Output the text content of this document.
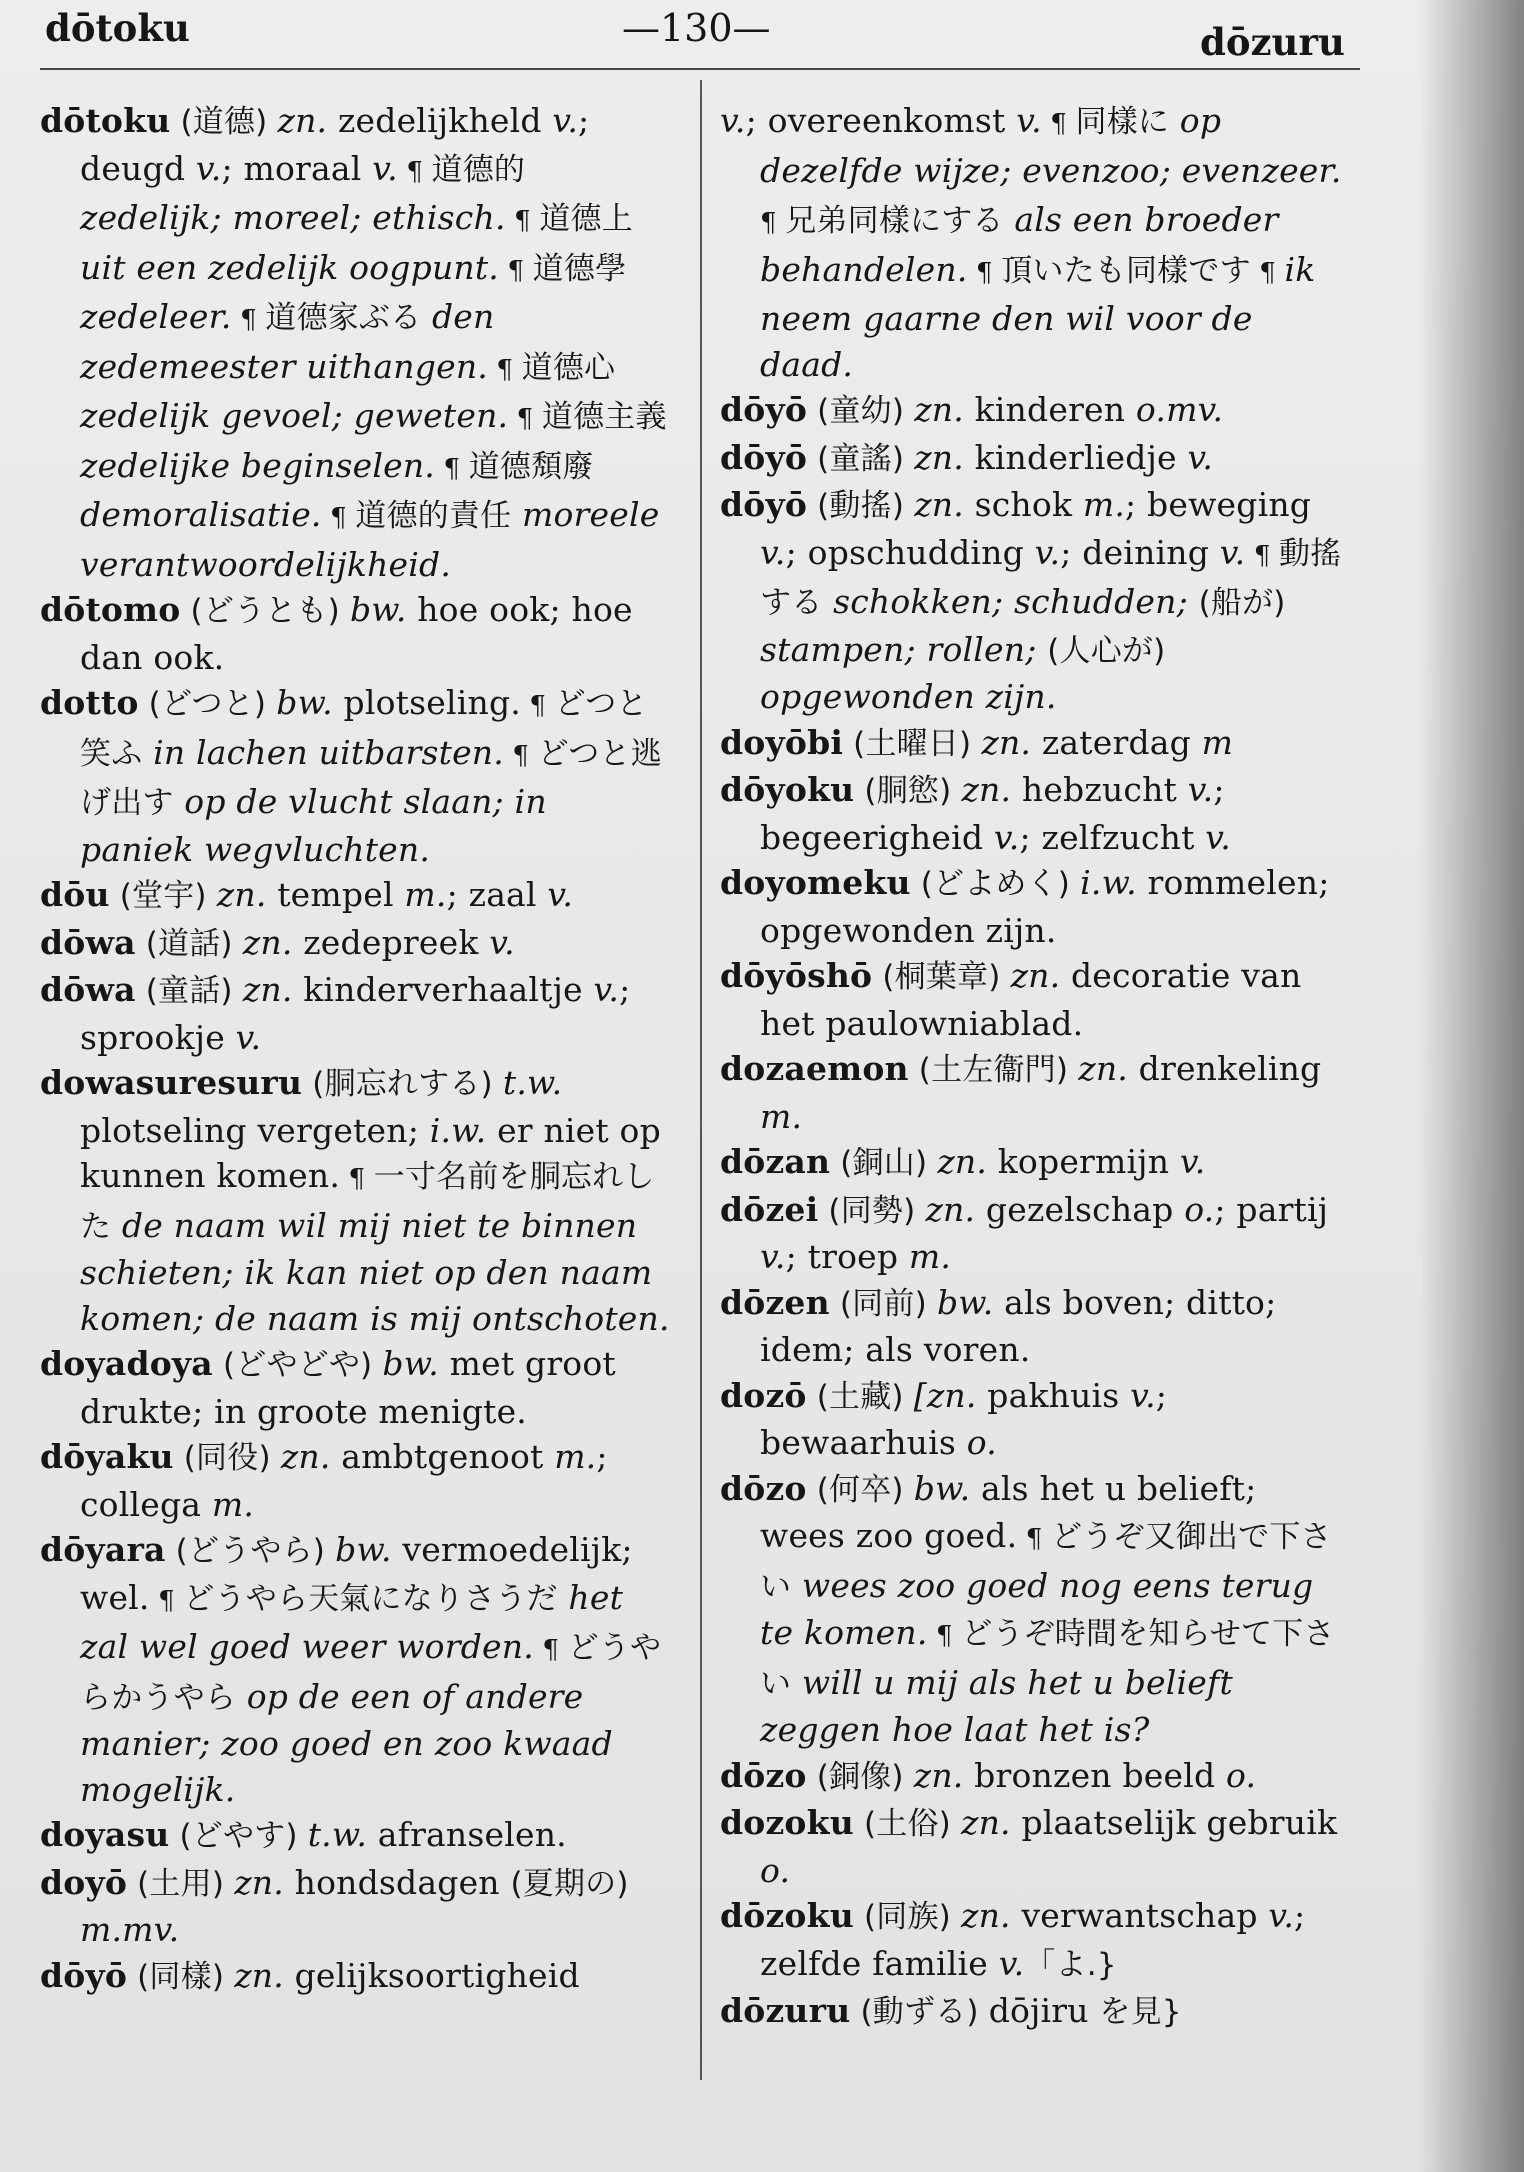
dōtoku	—130—	dōzuru

dōtoku (道德) zn. zedelijkheld v.; deugd v.; moraal v. ¶ 道德的 zedelijk; moreel; ethisch. ¶ 道德上 uit een zedelijk oogpunt. ¶ 道德學 zedeleer. ¶ 道德家ぶる den zedemeester uithangen. ¶ 道德心 zedelijk gevoel; geweten. ¶ 道德主義 zedelijke beginselen. ¶ 道德頽廢 demoralisatie. ¶ 道德的責任 moreele verantwoordelijkheid.

dōtomo (どうとも) bw. hoe ook; hoe dan ook.

dotto (どつと) bw. plotseling. ¶ どつと笑ふ in lachen uitbarsten. ¶ どつと逃げ出す op de vlucht slaan; in paniek wegvluchten.

dōu (堂宇) zn. tempel m.; zaal v.

dōwa (道話) zn. zedepreek v.

dōwa (童話) zn. kinderverhaaltje v.; sprookje v.

dowasuresuru (胴忘れする) t.w. plotseling vergeten; i.w. er niet op kunnen komen. ¶ 一寸名前を胴忘れした de naam wil mij niet te binnen schieten; ik kan niet op den naam komen; de naam is mij ontschoten.

doyadoya (どやどや) bw. met groot drukte; in groote menigte.

dōyaku (同役) zn. ambtgenoot m.; collega m.

dōyara (どうやら) bw. vermoedelijk; wel. ¶ どうやら天氣になりさうだ het zal wel goed weer worden. ¶ どうやらかうやら op de een of andere manier; zoo goed en zoo kwaad mogelijk.

doyasu (どやす) t.w. afranselen.

doyō (土用) zn. hondsdagen (夏期の) m.mv.

dōyō (同樣) zn. gelijksoortigheid

v.; overeenkomst v. ¶ 同樣に op dezelfde wijze; evenzoo; evenzeer. ¶ 兄弟同樣にする als een broeder behandelen. ¶ 頂いたも同樣です ¶ ik neem gaarne den wil voor de daad.

dōyō (童幼) zn. kinderen o.mv.

dōyō (童謠) zn. kinderliedje v.

dōyō (動搖) zn. schok m.; beweging v.; opschudding v.; deining v. ¶ 動搖する schokken; schudden; (船が) stampen; rollen; (人心が) opgewonden zijn.

doyōbi (土曜日) zn. zaterdag m

dōyoku (胴慾) zn. hebzucht v.; begeerigheid v.; zelfzucht v.

doyomeku (どよめく) i.w. rommelen; opgewonden zijn.

dōyōshō (桐葉章) zn. decoratie van het paulowniablad.

dozaemon (土左衞門) zn. drenkeling m.

dōzan (銅山) zn. kopermijn v.

dōzei (同勢) zn. gezelschap o.; partij v.; troep m.

dōzen (同前) bw. als boven; ditto; idem; als voren.

dozō (土藏) [zn. pakhuis v.; bewaarhuis o.

dōzo (何卒) bw. als het u belieft; wees zoo goed. ¶ どうぞ又御出で下さい wees zoo goed nog eens terug te komen. ¶ どうぞ時間を知らせて下さい will u mij als het u belieft zeggen hoe laat het is?

dōzo (銅像) zn. bronzen beeld o.

dozoku (土俗) zn. plaatselijk gebruik o.

dōzoku (同族) zn. verwantschap v.; zelfde familie v.「よ.}

dōzuru (動ずる) dōjiru を見}
